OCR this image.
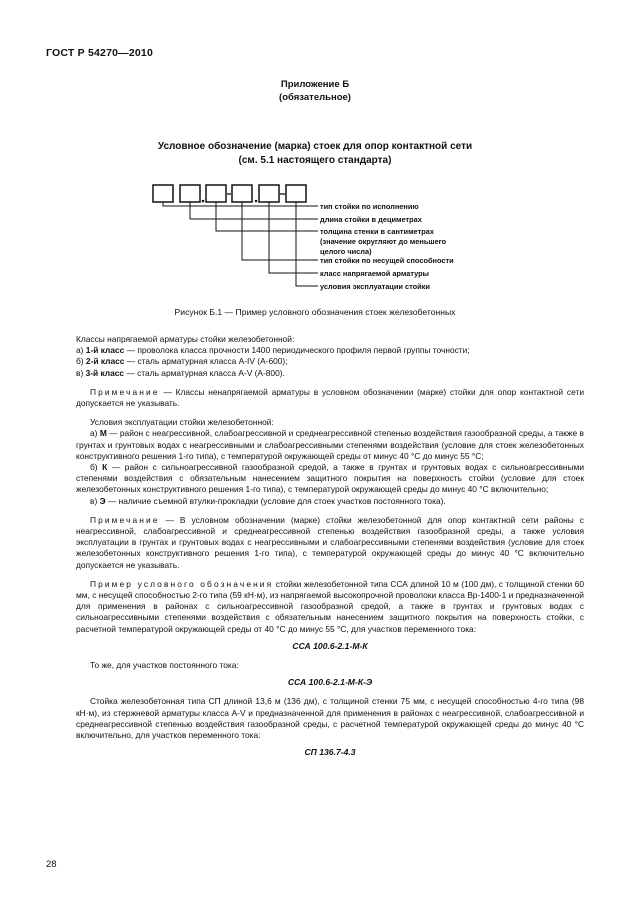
ГОСТ Р 54270—2010
Приложение Б
(обязательное)
Условное обозначение (марка) стоек для опор контактной сети
(см. 5.1 настоящего стандарта)
тип стойки по исполнению
длина стойки в дециметрах
толщина стенки в сантиметрах
(значение округляют до меньшего
целого числа)
тип стойки по несущей способности
класс напрягаемой арматуры
условия эксплуатации стойки
Рисунок Б.1 — Пример условного обозначения стоек железобетонных

Классы напрягаемой арматуры стойки железобетонной:

а) 1-й класс — проволока класса прочности 1400 периодического профиля первой группы точности;

б) 2-й класс — сталь арматурная класса А-IV (А-600);

в) 3-й класс — сталь арматурная класса А-V (А-800).

Примечание — Классы ненапрягаемой арматуры в условном обозначении (марке) стойки для опор контактной сети допускается не указывать.

Условия эксплуатации стойки железобетонной:

а) М — район с неагрессивной, слабоагрессивной и среднеагрессивной степенью воздействия газообразной среды, а также в грунтах и грунтовых водах с неагрессивными и слабоагрессивными степенями воздействия (условие для стоек железобетонных конструктивного решения 1-го типа), с температурой окружающей среды от минус 40 °С до минус 55 °С;

б) К — район с сильноагрессивной газообразной средой, а также в грунтах и грунтовых водах с сильноагрессивными степенями воздействия с обязательным нанесением защитного покрытия на поверхность стойки (условие для стоек железобетонных конструктивного решения 1-го типа), с температурой окружающей среды до минус 40 °С включительно;

в) Э — наличие съемной втулки-прокладки (условие для стоек участков постоянного тока).

Примечание — В условном обозначении (марке) стойки железобетонной для опор контактной сети районы с неагрессивной, слабоагрессивной и среднеагрессивной степенью воздействия газообразной среды, а также условия эксплуатации в грунтах и грунтовых водах с неагрессивными и слабоагрессивными степенями воздействия (условие для стоек железобетонных конструктивного решения 1-го типа), с температурой окружающей среды до минус 40 °С включительно допускается не указывать.

Пример условного обозначения стойки железобетонной типа ССА длиной 10 м (100 дм), с толщиной стенки 60 мм, с несущей способностью 2-го типа (59 кН·м), из напрягаемой высокопрочной проволоки класса Вр-1400-1 и предназначенной для применения в районах с сильноагрессивной газообразной средой, а также в грунтах и грунтовых водах с сильноагрессивными степенями воздействия с обязательным нанесением защитного покрытия на поверхность стойки, с расчетной температурой окружающей среды от 40 °С до минус 55 °С, для участков переменного тока:

ССА 100.6-2.1-М-К

То же, для участков постоянного тока:

ССА 100.6-2.1-М-К-Э

Стойка железобетонная типа СП длиной 13,6 м (136 дм), с толщиной стенки 75 мм, с несущей способностью 4-го типа (98 кН·м), из стержневой арматуры класса А-V и предназначенной для применения в районах с неагрессивной, слабоагрессивной и среднеагрессивной степенью воздействия газообразной среды, с расчетной температурой окружающей среды до минус 40 °С включительно, для участков переменного тока:

СП 136.7-4.3

28
